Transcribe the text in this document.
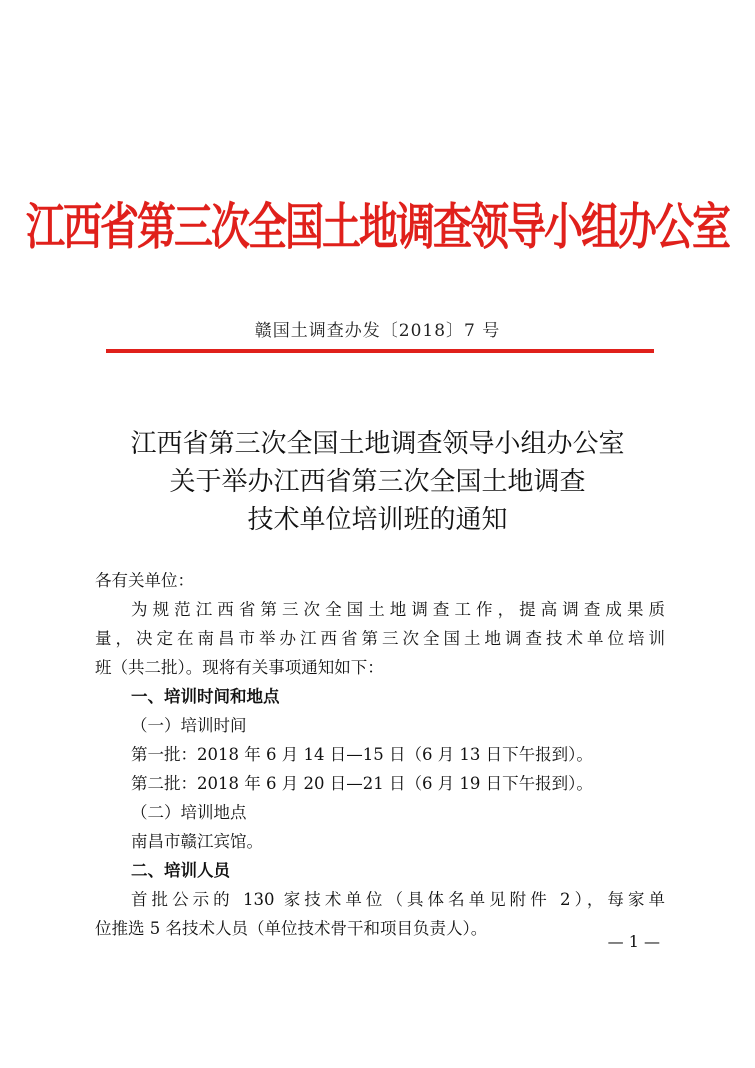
江西省第三次全国土地调查领导小组办公室
赣国土调查办发〔2018〕7 号
江西省第三次全国土地调查领导小组办公室
关于举办江西省第三次全国土地调查
技术单位培训班的通知
各有关单位：
为规范江西省第三次全国土地调查工作，提高调查成果质
量，决定在南昌市举办江西省第三次全国土地调查技术单位培训
班（共二批）。现将有关事项通知如下：
一、培训时间和地点
（一）培训时间
第一批：2018 年 6 月 14 日—15 日（6 月 13 日下午报到）。
第二批：2018 年 6 月 20 日—21 日（6 月 19 日下午报到）。
（二）培训地点
南昌市赣江宾馆。
二、培训人员
首批公示的 130 家技术单位（具体名单见附件 2），每家单
位推选 5 名技术人员（单位技术骨干和项目负责人）。
— 1 —
